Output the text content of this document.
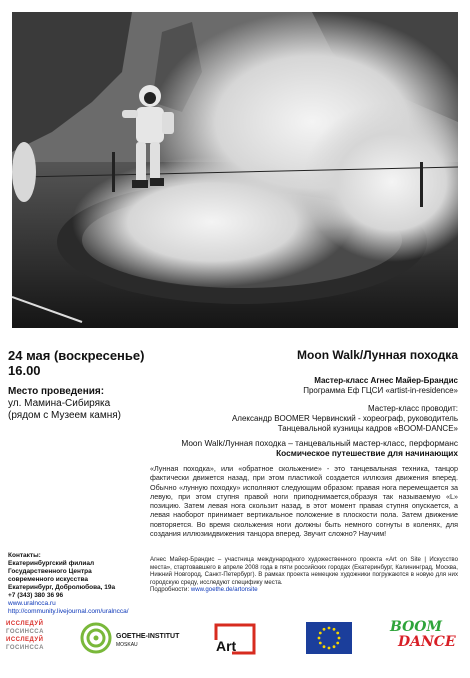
24 мая (воскресенье)
16.00
Место проведения:
ул. Мамина-Сибиряка
(рядом с Музеем камня)
Moon Walk/Лунная походка
Мастер-класс Агнес Майер-Брандис
Программа Еф ГЦСИ «artist-in-residence»
Мастер-класс проводит:
Александр BOOMER Червинский - хореограф, руководитель
Танцевальной кузницы кадров «BOOM-DANCE»
Moon Walk/Лунная походка – танцевальный мастер-класс, перформанс
Космическое путешествие для начинающих
«Лунная походка», или «обратное скольжение» - это танцевальная техника, танцор фактически движется назад, при этом пластикой создается иллюзия движения вперед. Обычно «лунную походку» исполняют следующим образом: правая нога перемещается за левую, при этом ступня правой ноги приподнимается,образуя так называемую «L» позицию. Затем левая нога скользит назад, в этот момент правая ступня опускается, а левая наоборот принимает вертикальное положение в плоскости пола. Затем движение повторяется. Во время скольжения ноги должны быть немного согнуты в коленях, для создания иллюзиидвижения танцора вперед. Звучит сложно? Научим!
Агнес Майер-Брандис – участница международного художественного проекта «Art on Site | Искусство места», стартовавшего в апреле 2008 года в пяти российских городах (Екатеринбург, Калининград, Москва, Нижний Новгород, Санкт-Петербург). В рамках проекта немецкие художники погружаются в новую для них городскую среду, исследуют специфику места.
Подробности: www.goethe.de/artonsite
Контакты:
Екатеринбургский филиал
Государственного Центра
современного искусства
Екатеринбург, Добролюбова, 19а
+7 (343) 380 36 96
www.uralncca.ru
http://community.livejournal.com/uralncca/
ИССЛЕДУЙ
ГОСИНСCA
ИССЛЕДУЙ
ГОСИНСCA
GOETHE-INSTITUT
MOSKAU	Art
BOOM
DANCE
